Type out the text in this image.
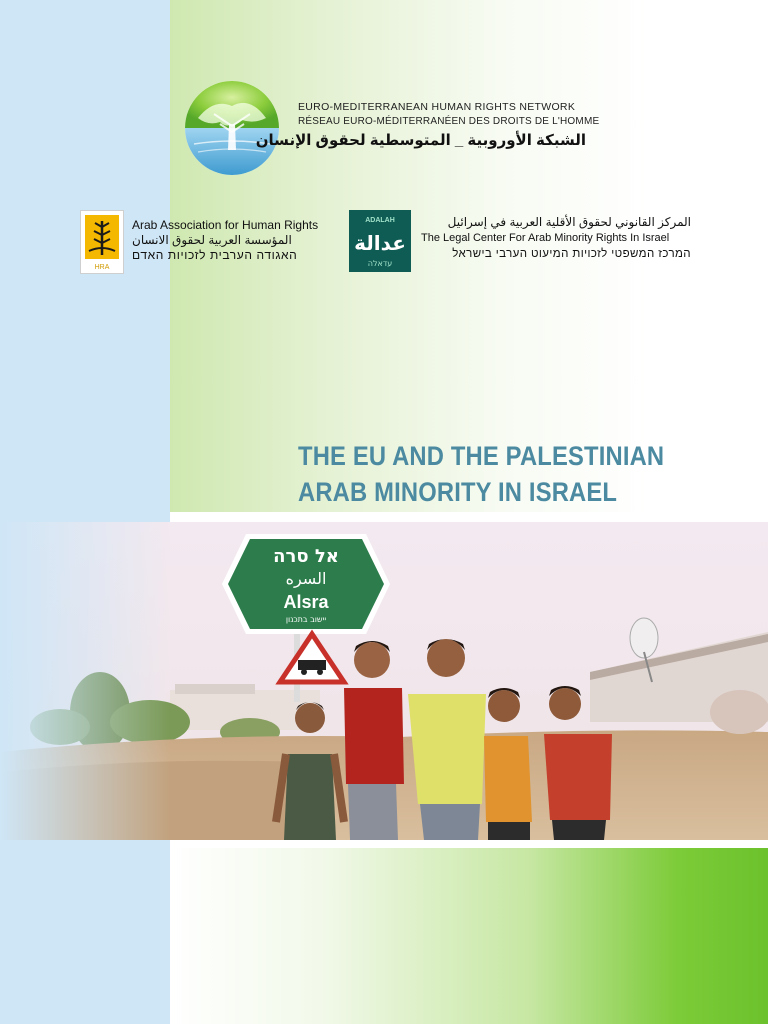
EURO-MEDITERRANEAN HUMAN RIGHTS NETWORK
RÉSEAU EURO-MÉDITERRANÉEN DES DROITS DE L'HOMME
الشبكة الأوروبية _ المتوسطية لحقوق الإنسان
HRA
Arab Association for Human Rights
المؤسسة العربية لحقوق الانسان
האגודה הערבית לזכויות האדם
ADALAH
عدالة
עדאלה
المركز القانوني لحقوق الأقلية العربية في إسرائيل
The Legal Center For Arab Minority Rights In Israel
המרכז המשפטי לזכויות המיעוט הערבי בישראל
THE EU AND THE PALESTINIAN
ARAB MINORITY IN ISRAEL
אל סרה
السره
Alsra
יישוב בתכנון
